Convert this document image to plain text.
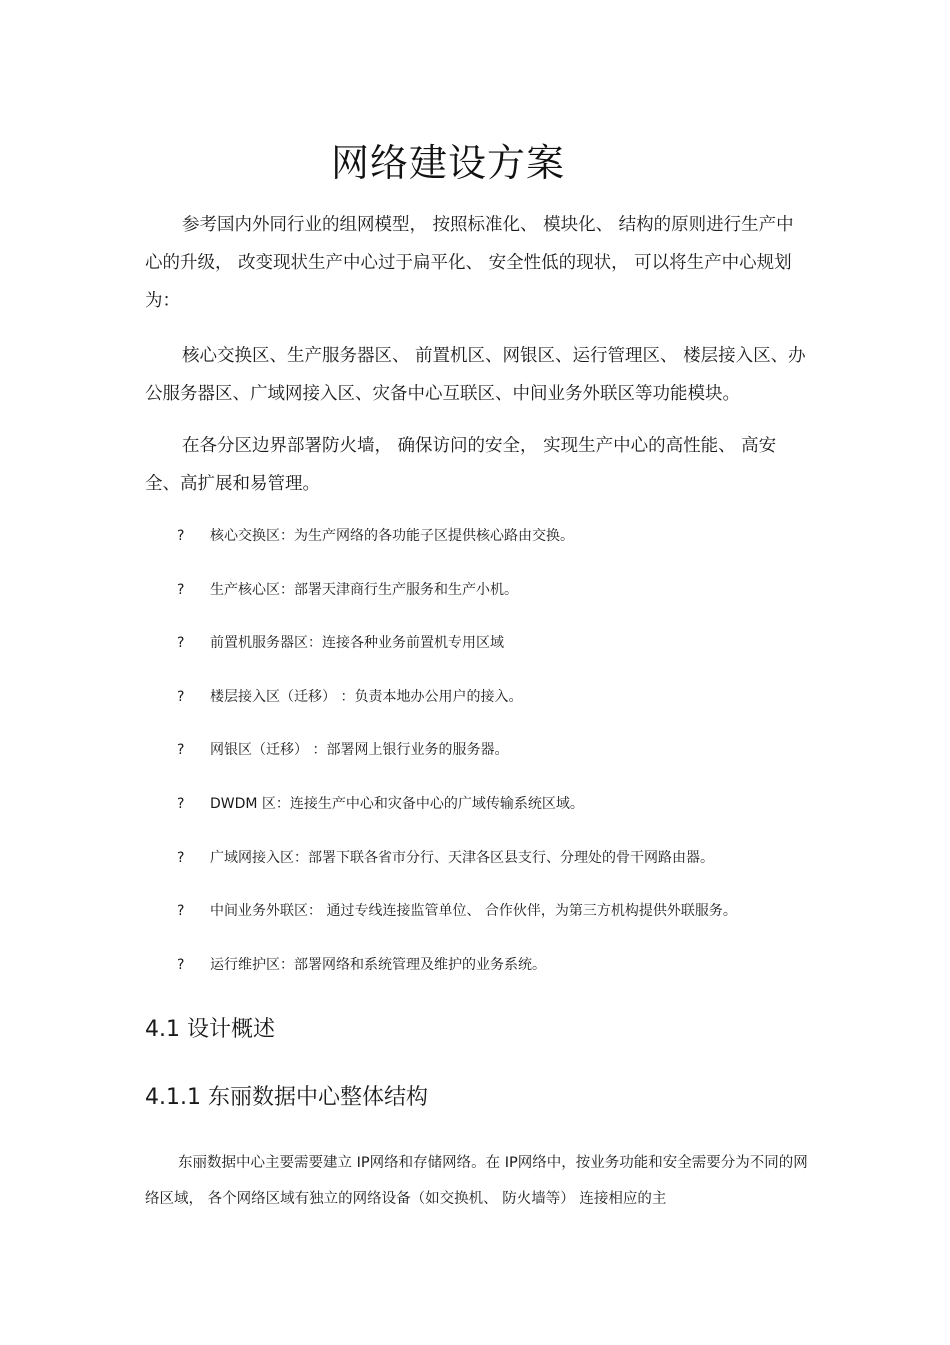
网络建设方案

参考国内外同行业的组网模型， 按照标准化、 模块化、 结构的原则进行生产中心的升级， 改变现状生产中心过于扁平化、 安全性低的现状， 可以将生产中心规划为：

核心交换区、生产服务器区、 前置机区、网银区、运行管理区、 楼层接入区、办公服务器区、广域网接入区、灾备中心互联区、中间业务外联区等功能模块。

在各分区边界部署防火墙， 确保访问的安全， 实现生产中心的高性能、 高安全、高扩展和易管理。

?	核心交换区：为生产网络的各功能子区提供核心路由交换。
?	生产核心区：部署天津商行生产服务和生产小机。
?	前置机服务器区：连接各种业务前置机专用区域
?	楼层接入区（迁移） ：负责本地办公用户的接入。
?	网银区（迁移） ：部署网上银行业务的服务器。
?	DWDM 区：连接生产中心和灾备中心的广域传输系统区域。
?	广域网接入区：部署下联各省市分行、天津各区县支行、分理处的骨干网路由器。
?	中间业务外联区： 通过专线连接监管单位、 合作伙伴，为第三方机构提供外联服务。
?	运行维护区：部署网络和系统管理及维护的业务系统。
4.1 设计概述
4.1.1 东丽数据中心整体结构

东丽数据中心主要需要建立 IP网络和存储网络。在 IP网络中，按业务功能和安全需要分为不同的网络区域， 各个网络区域有独立的网络设备（如交换机、 防火墙等） 连接相应的主
